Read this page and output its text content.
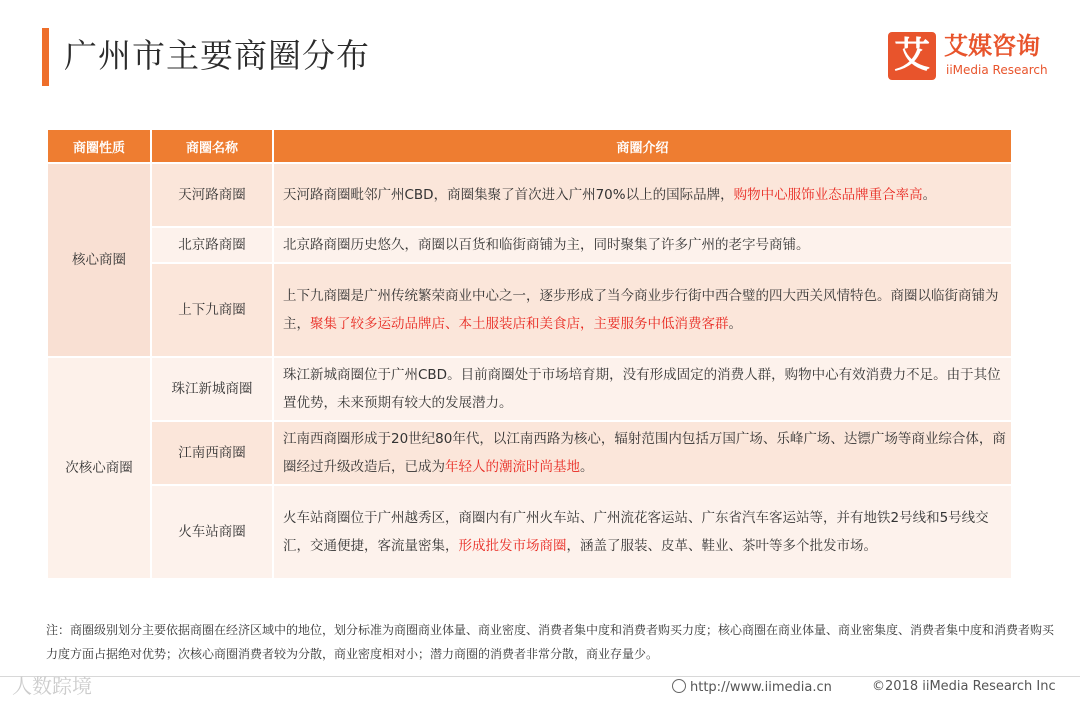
广州市主要商圈分布	艾 艾媒咨询
iiMedia Research
商圈性质	商圈名称	商圈介绍
核心商圈	天河路商圈	天河路商圈毗邻广州CBD，商圈集聚了首次进入广州70%以上的国际品牌，购物中心服饰业态品牌重合率高。
	北京路商圈	北京路商圈历史悠久，商圈以百货和临街商铺为主，同时聚集了许多广州的老字号商铺。
	上下九商圈	上下九商圈是广州传统繁荣商业中心之一，逐步形成了当今商业步行街中西合璧的四大西关风情特色。商圈以临街商铺为主，聚集了较多运动品牌店、本土服装店和美食店，主要服务中低消费客群。
次核心商圈	珠江新城商圈	珠江新城商圈位于广州CBD。目前商圈处于市场培育期，没有形成固定的消费人群，购物中心有效消费力不足。由于其位置优势，未来预期有较大的发展潜力。
	江南西商圈	江南西商圈形成于20世纪80年代，以江南西路为核心，辐射范围内包括万国广场、乐峰广场、达镖广场等商业综合体，商圈经过升级改造后，已成为年轻人的潮流时尚基地。
	火车站商圈	火车站商圈位于广州越秀区，商圈内有广州火车站、广州流花客运站、广东省汽车客运站等，并有地铁2号线和5号线交汇，交通便捷，客流量密集，形成批发市场商圈，涵盖了服装、皮革、鞋业、茶叶等多个批发市场。
注：商圈级别划分主要依据商圈在经济区域中的地位，划分标准为商圈商业体量、商业密度、消费者集中度和消费者购买力度；核心商圈在商业体量、商业密集度、消费者集中度和消费者购买力度方面占据绝对优势；次核心商圈消费者较为分散，商业密度相对小；潜力商圈的消费者非常分散，商业存量少。
人数踪境	http://www.iimedia.cn	©2018 iiMedia Research Inc
